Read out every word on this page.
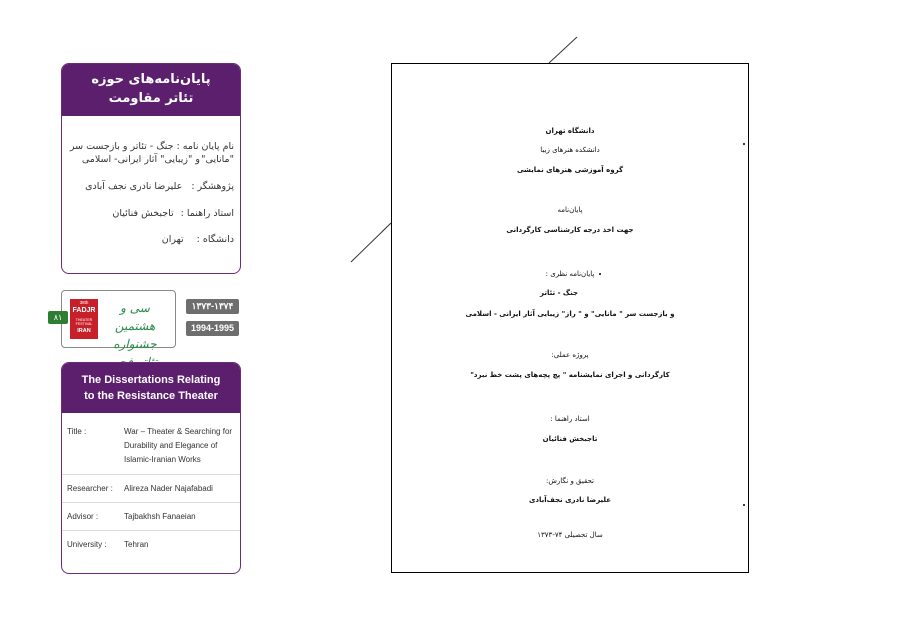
پایان‌نامه‌های حوزه
تئاتر مقاومت
نام پایان نامه : جنگ - تئاتر و بازجست سر "مانایی"
و "زیبایی" آثار ایرانی- اسلامی
پژوهشگر : علیرضا نادری نجف آبادی
استاد راهنما : تاجبخش فنائیان
دانشگاه : تهران
38th
FADJR
THEATER FESTIVAL
IRAN
سی و هشتمین جشنواره
۸۱
۱۳۷۳-۱۳۷۴
1994-1995
The Dissertations Relating
to the Resistance Theater
Title :	War – Theater & Searching for Durability and Elegance of Islamic-Iranian Works
Researcher :	Alireza Nader Najafabadi
Advisor :	Tajbakhsh Fanaeian
University :	Tehran
دانشگاه تهران
دانشکده هنرهای زیبا
گروه آموزشی هنرهای نمایشی
پایان‌نامه
جهت اخذ درجه کارشناسی کارگردانی
پایان‌نامه نظری :
جنگ - تئاتر
و بازجست سر " مانایی" و " راز" زیبایی آثار ایرانی - اسلامی
پروژه عملی:
کارگردانی و اجرای نمایشنامه " پچ پچه‌های پشت خط نبرد"
استاد راهنما :
تاجبخش فنائیان
تحقیق و نگارش:
علیرضا نادری نجف‌آبادی
سال تحصیلی ۷۴-۱۳۷۳
